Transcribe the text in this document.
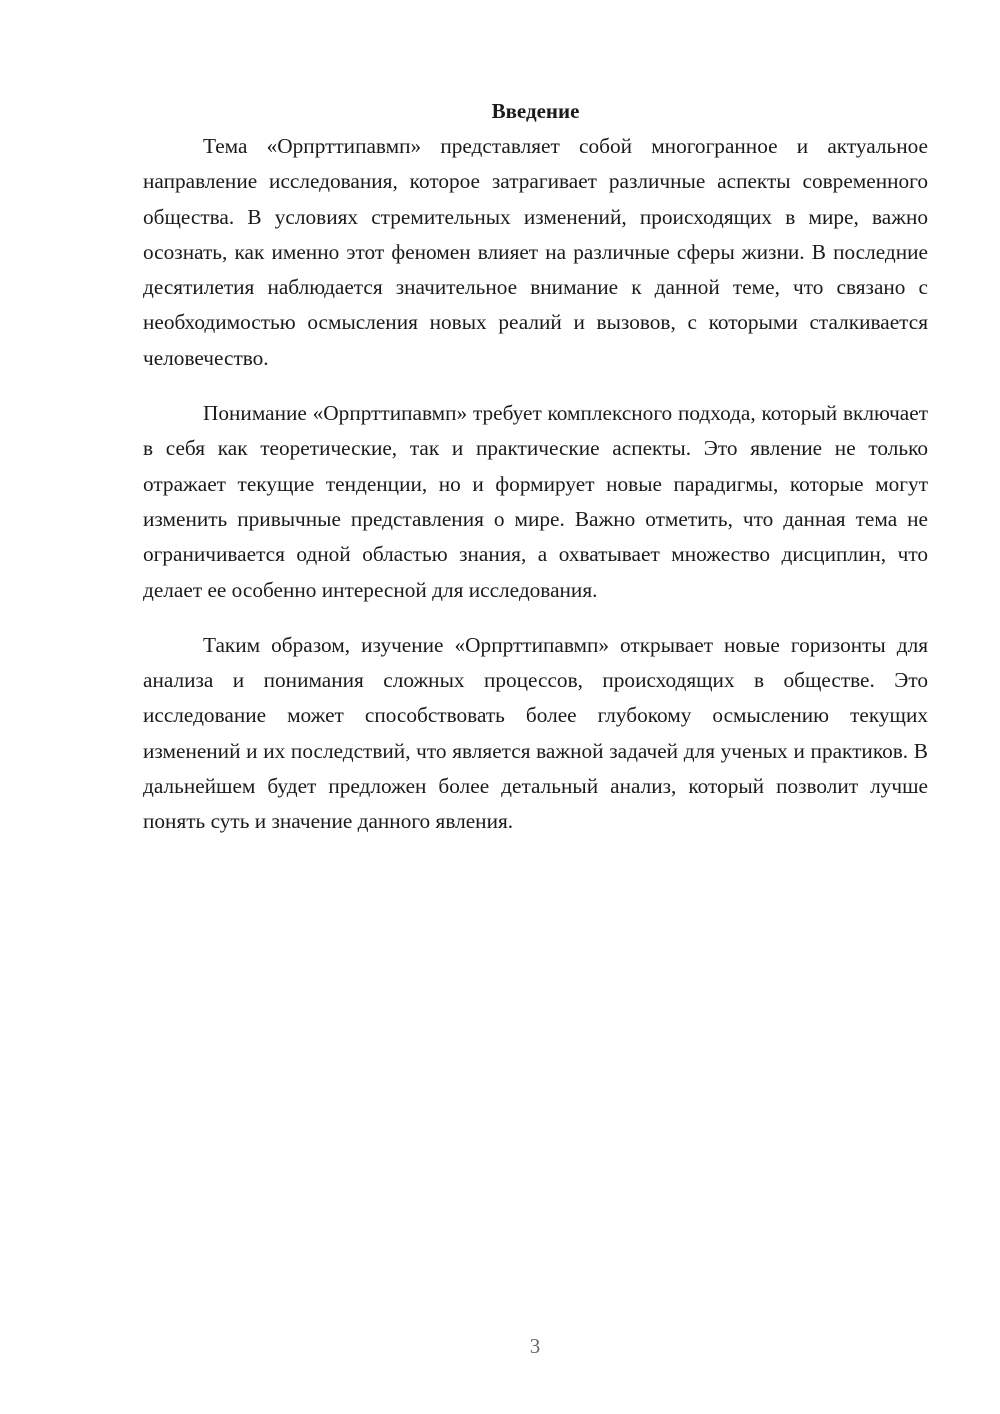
Введение

Тема «Орпрттипавмп» представляет собой многогранное и актуальное направление исследования, которое затрагивает различные аспекты современного общества. В условиях стремительных изменений, происходящих в мире, важно осознать, как именно этот феномен влияет на различные сферы жизни. В последние десятилетия наблюдается значительное внимание к данной теме, что связано с необходимостью осмысления новых реалий и вызовов, с которыми сталкивается человечество.

Понимание «Орпрттипавмп» требует комплексного подхода, который включает в себя как теоретические, так и практические аспекты. Это явление не только отражает текущие тенденции, но и формирует новые парадигмы, которые могут изменить привычные представления о мире. Важно отметить, что данная тема не ограничивается одной областью знания, а охватывает множество дисциплин, что делает ее особенно интересной для исследования.

Таким образом, изучение «Орпрттипавмп» открывает новые горизонты для анализа и понимания сложных процессов, происходящих в обществе. Это исследование может способствовать более глубокому осмыслению текущих изменений и их последствий, что является важной задачей для ученых и практиков. В дальнейшем будет предложен более детальный анализ, который позволит лучше понять суть и значение данного явления.

3
